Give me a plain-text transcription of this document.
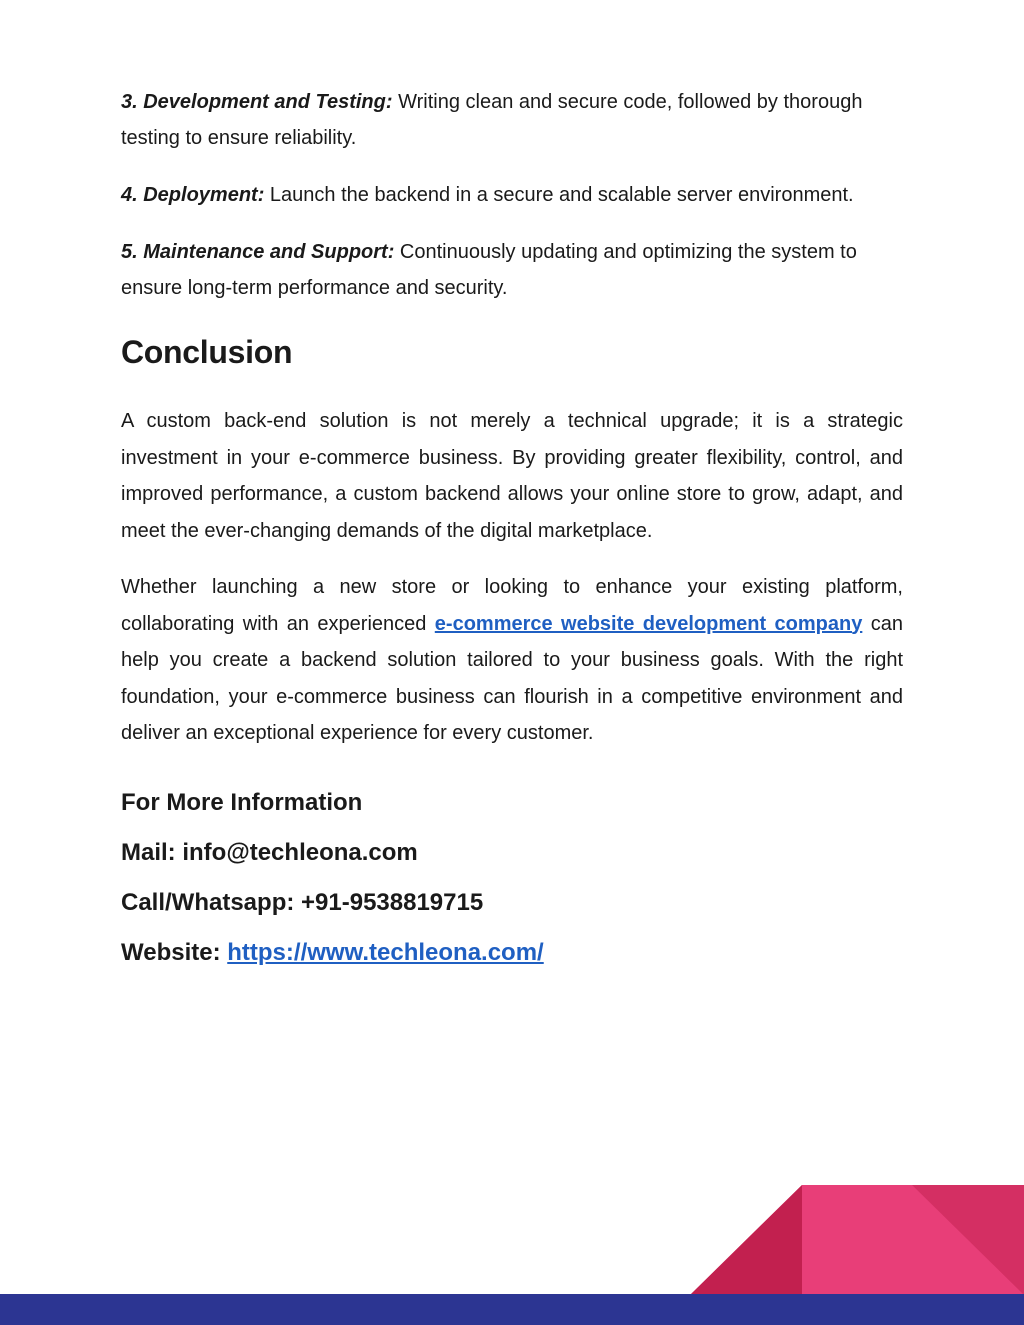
3. Development and Testing: Writing clean and secure code, followed by thorough testing to ensure reliability.

4. Deployment: Launch the backend in a secure and scalable server environment.

5. Maintenance and Support: Continuously updating and optimizing the system to ensure long-term performance and security.

Conclusion

A custom back-end solution is not merely a technical upgrade; it is a strategic investment in your e-commerce business. By providing greater flexibility, control, and improved performance, a custom backend allows your online store to grow, adapt, and meet the ever-changing demands of the digital marketplace.

Whether launching a new store or looking to enhance your existing platform, collaborating with an experienced e-commerce website development company can help you create a backend solution tailored to your business goals. With the right foundation, your e-commerce business can flourish in a competitive environment and deliver an exceptional experience for every customer.

For More Information
Mail: info@techleona.com
Call/Whatsapp: +91-9538819715
Website: https://www.techleona.com/
